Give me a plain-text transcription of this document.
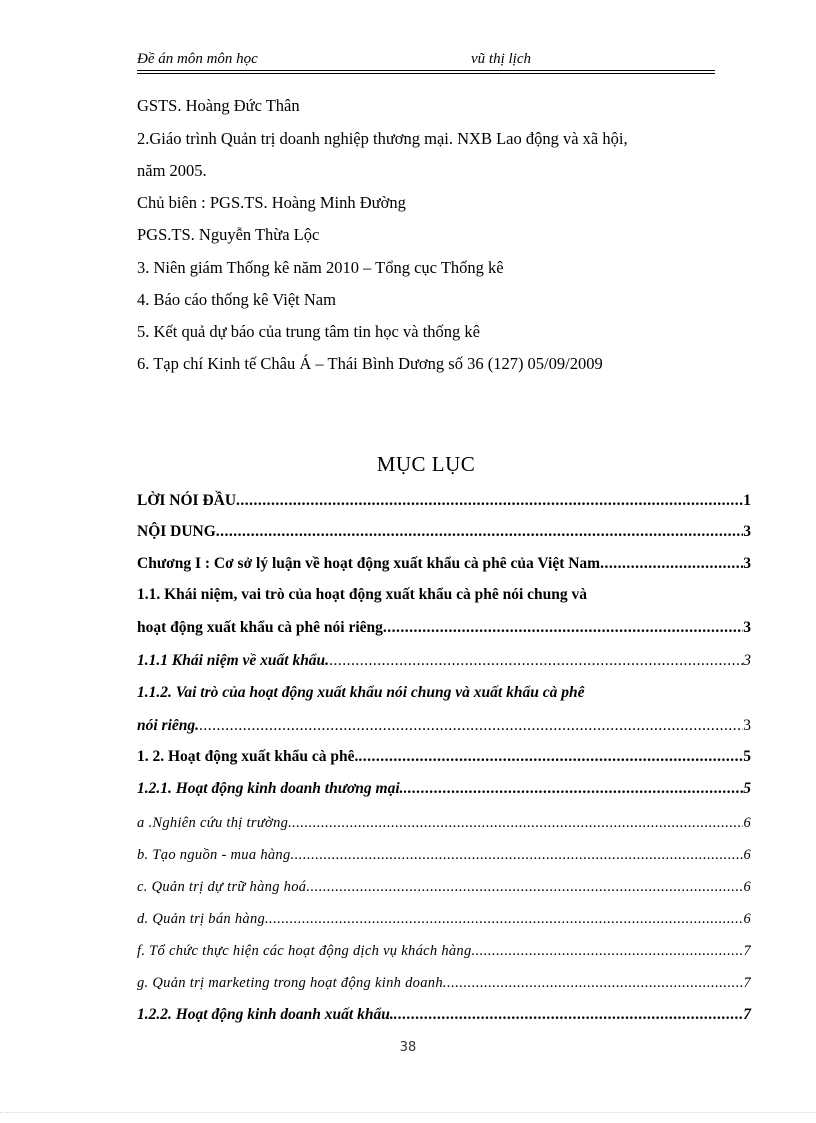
Đề án môn môn học	vũ thị lịch
GSTS. Hoàng Đức Thân
2.Giáo trình Quản trị doanh nghiệp thương mại. NXB Lao động và xã hội,
năm 2005.
Chủ biên : PGS.TS. Hoàng Minh Đường
PGS.TS. Nguyễn Thừa Lộc
3. Niên giám Thống kê năm 2010 – Tổng cục Thống kê
4. Báo cáo thống kê Việt Nam
5. Kết quả dự báo của trung tâm tin học và thống kê
6. Tạp chí Kinh tế Châu Á – Thái Bình Dương số 36 (127) 05/09/2009
MỤC LỤC
LỜI NÓI ĐẦU .....	1
NỘI DUNG .....	3
Chương I : Cơ sở lý luận về hoạt động xuất khẩu cà phê của Việt Nam .....	3
1.1. Khái niệm, vai trò của hoạt động xuất khẩu cà phê nói chung và
hoạt động xuất khẩu cà phê nói riêng .....	3
1.1.1 Khái niệm về xuất khẩu. .....	3
1.1.2. Vai trò của hoạt động xuất khẩu nói chung và xuất khẩu cà phê
nói riêng. .....	3
1. 2. Hoạt động xuất khẩu cà phê. .....	5
1.2.1. Hoạt động kinh doanh thương mại. .....	5
a .Nghiên cứu thị trường. .....	6
b. Tạo nguồn - mua hàng .....	6
c. Quản trị dự trữ hàng hoá .....	6
d. Quản trị bán hàng. .....	6
f. Tổ chức thực hiện các hoạt động dịch vụ khách hàng. .....	7
g. Quản trị marketing trong hoạt động kinh doanh .....	7
1.2.2. Hoạt động kinh doanh xuất khẩu. .....	7
38
